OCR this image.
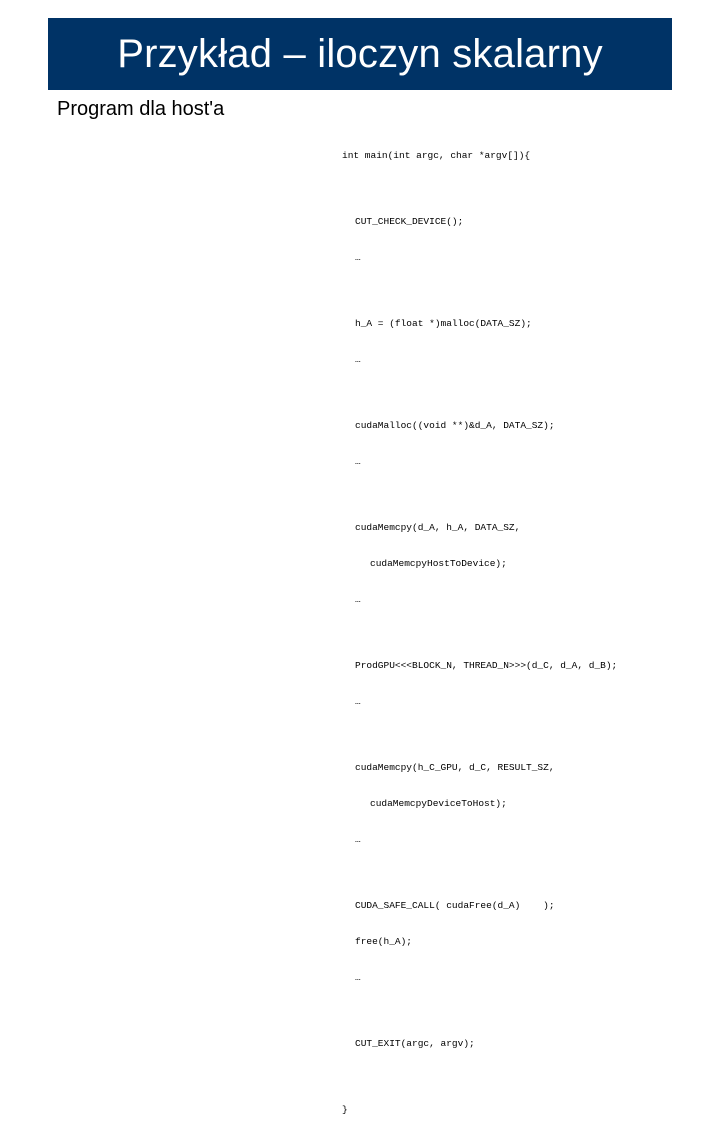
Przykład – iloczyn skalarny
Program dla host'a

int main(int argc, char *argv[]){

CUT_CHECK_DEVICE();

…

h_A = (float *)malloc(DATA_SZ);

…

cudaMalloc((void **)&d_A, DATA_SZ);

…

cudaMemcpy(d_A, h_A, DATA_SZ,

cudaMemcpyHostToDevice);

…

ProdGPU<<<BLOCK_N, THREAD_N>>>(d_C, d_A, d_B);

…

cudaMemcpy(h_C_GPU, d_C, RESULT_SZ,

cudaMemcpyDeviceToHost);

…

CUDA_SAFE_CALL( cudaFree(d_A)    );

free(h_A);

…

CUT_EXIT(argc, argv);

}
